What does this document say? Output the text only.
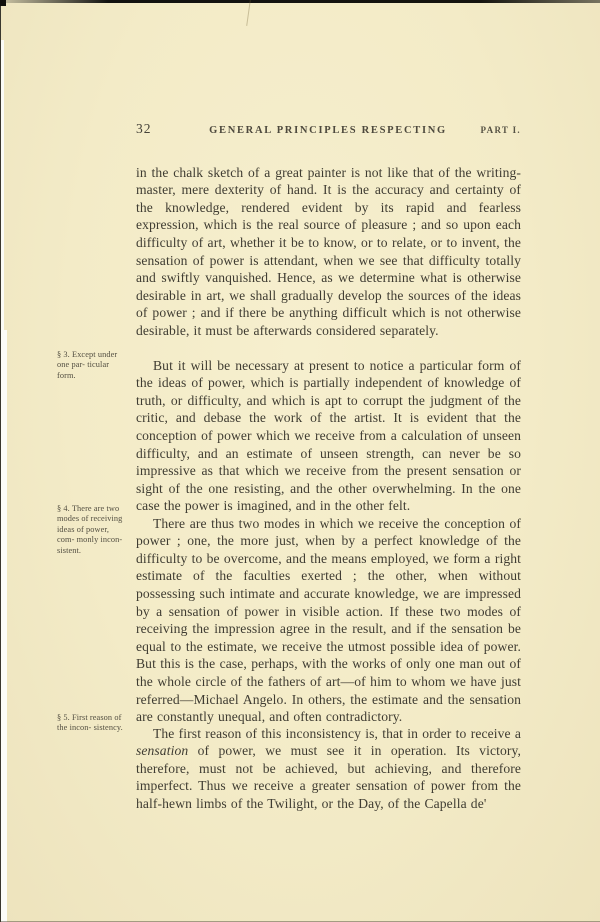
32	GENERAL PRINCIPLES RESPECTING	PART I.
§ 3. Except under one par- ticular form.
§ 4. There are two modes of receiving ideas of power, com- monly incon- sistent.
§ 5. First reason of the incon- sistency.

in the chalk sketch of a great painter is not like that of the writing-master, mere dexterity of hand. It is the accuracy and certainty of the knowledge, rendered evident by its rapid and fearless expression, which is the real source of pleasure ; and so upon each difficulty of art, whether it be to know, or to relate, or to invent, the sensation of power is attendant, when we see that difficulty totally and swiftly vanquished. Hence, as we determine what is otherwise desirable in art, we shall gradually develop the sources of the ideas of power ; and if there be anything difficult which is not otherwise desirable, it must be afterwards considered separately.

But it will be necessary at present to notice a particular form of the ideas of power, which is partially independent of knowledge of truth, or difficulty, and which is apt to corrupt the judgment of the critic, and debase the work of the artist. It is evident that the conception of power which we receive from a calculation of unseen difficulty, and an estimate of unseen strength, can never be so impressive as that which we receive from the present sensation or sight of the one resisting, and the other overwhelming. In the one case the power is imagined, and in the other felt.

There are thus two modes in which we receive the conception of power ; one, the more just, when by a perfect knowledge of the difficulty to be overcome, and the means employed, we form a right estimate of the faculties exerted ; the other, when without possessing such intimate and accurate knowledge, we are impressed by a sensation of power in visible action. If these two modes of receiving the impression agree in the result, and if the sensation be equal to the estimate, we receive the utmost possible idea of power. But this is the case, perhaps, with the works of only one man out of the whole circle of the fathers of art—of him to whom we have just referred—Michael Angelo. In others, the estimate and the sensation are constantly unequal, and often contradictory.

The first reason of this inconsistency is, that in order to receive a sensation of power, we must see it in operation. Its victory, therefore, must not be achieved, but achieving, and therefore imperfect. Thus we receive a greater sensation of power from the half-hewn limbs of the Twilight, or the Day, of the Capella de'
